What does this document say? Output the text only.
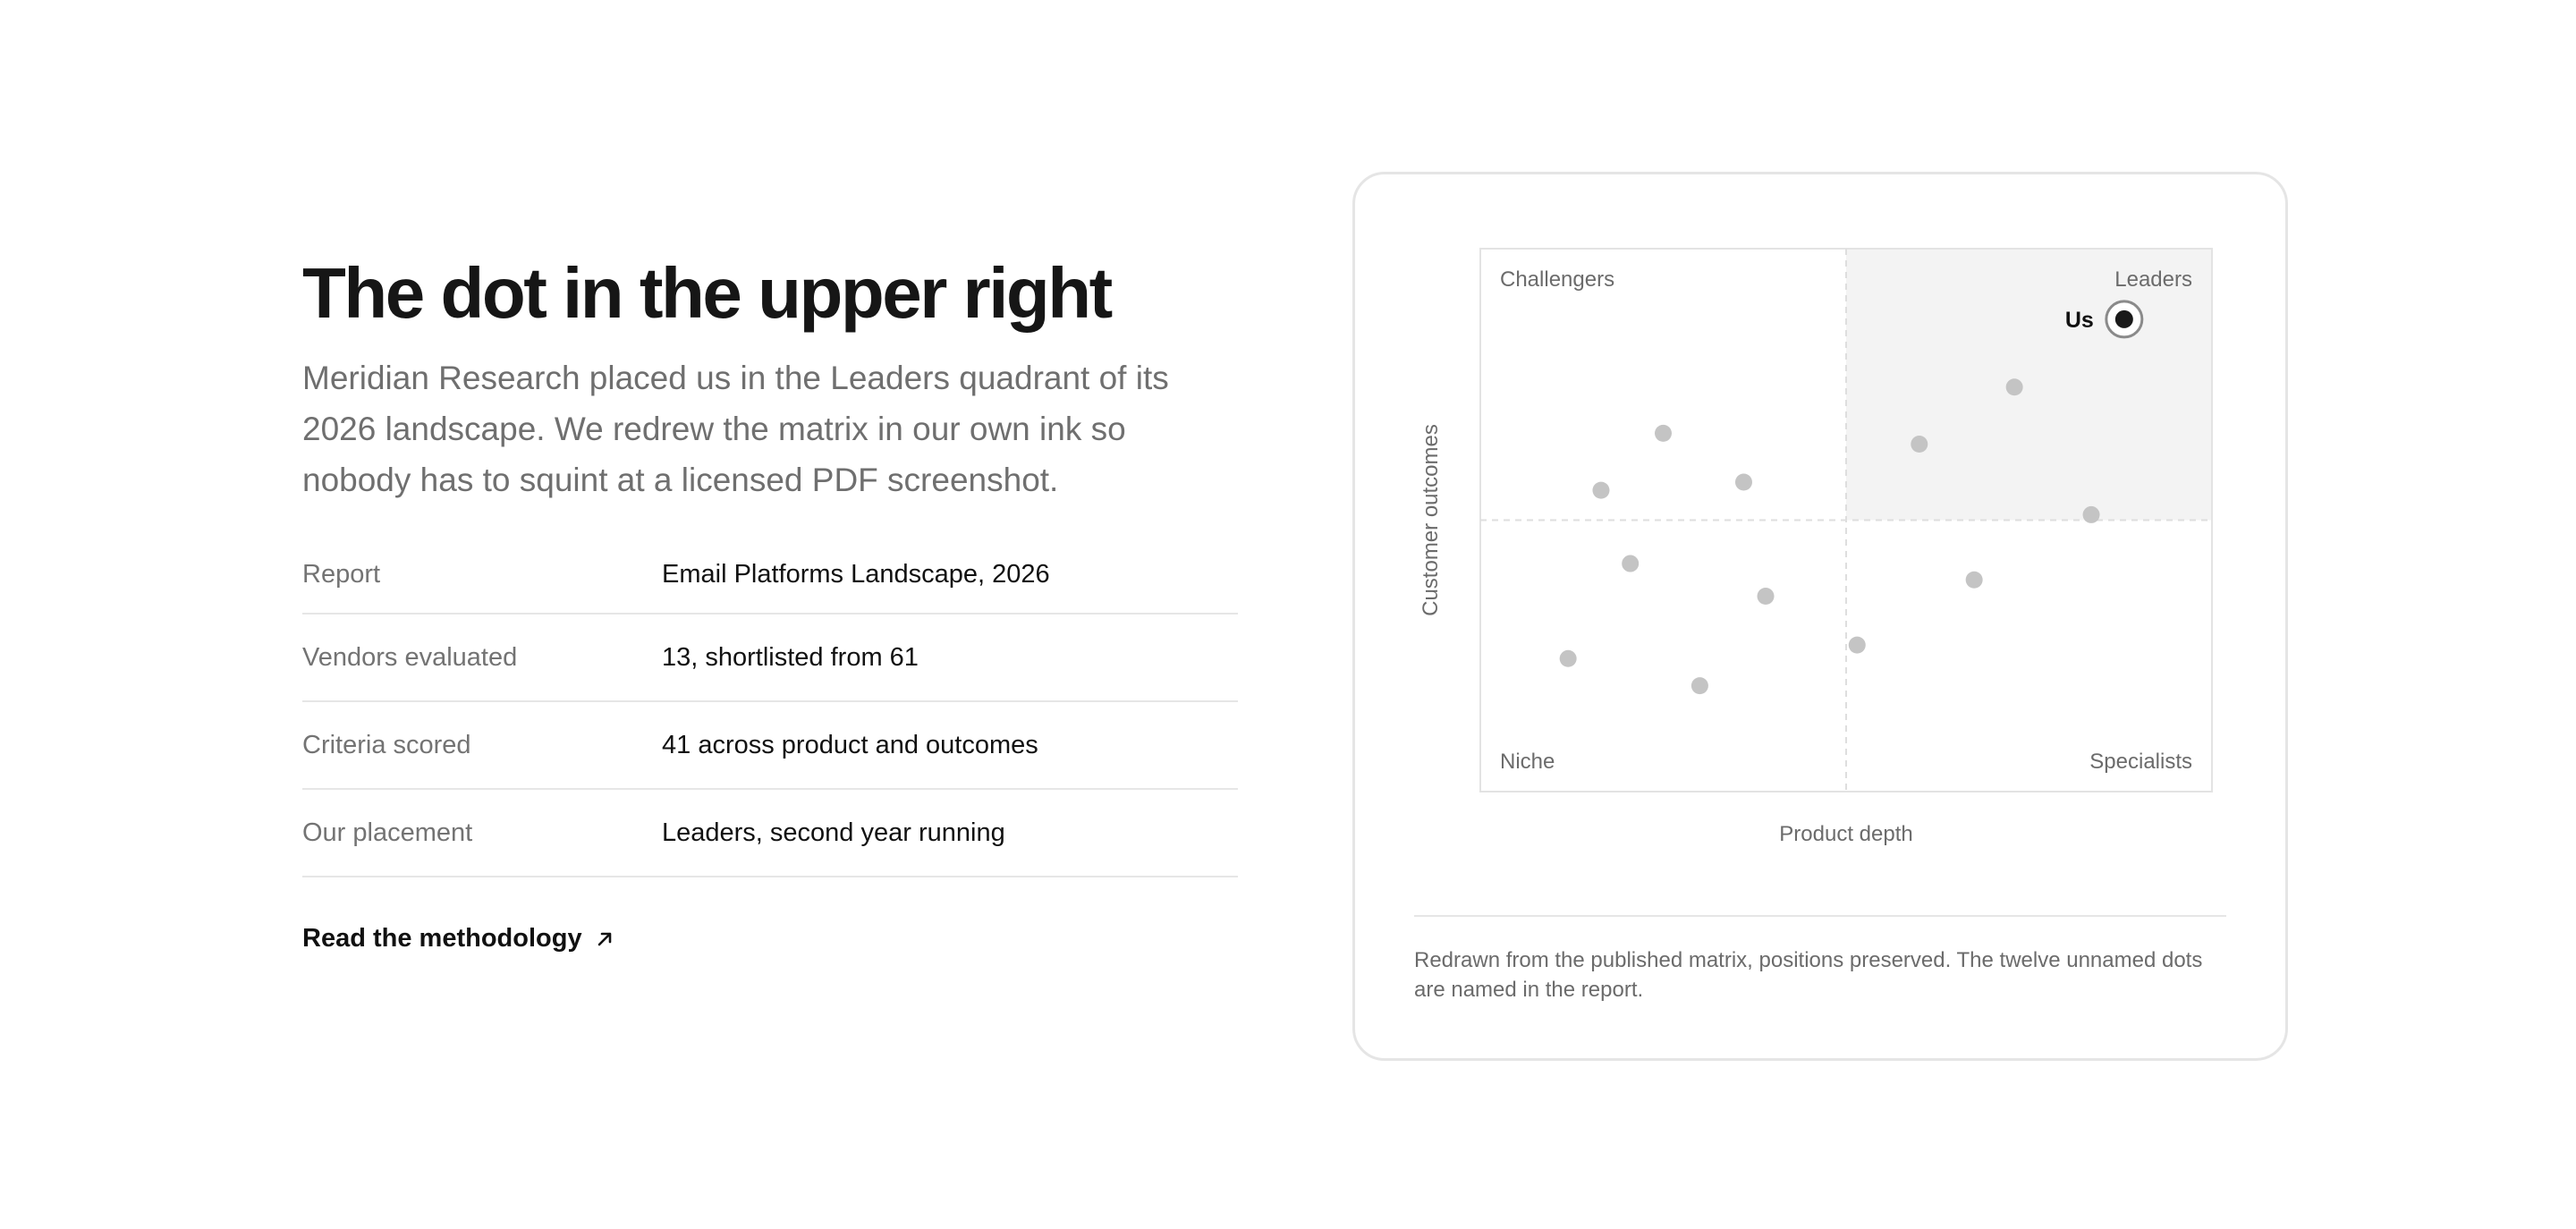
The dot in the upper right

Meridian Research placed us in the Leaders quadrant of its 2026 landscape. We redrew the matrix in our own ink so nobody has to squint at a licensed PDF screenshot.

Report	Email Platforms Landscape, 2026
Vendors evaluated	13, shortlisted from 61
Criteria scored	41 across product and outcomes
Our placement	Leaders, second year running
Read the methodology
Challengers	Leaders
Niche	Specialists
Product depth
Customer outcomes
Us

Redrawn from the published matrix, positions preserved. The twelve unnamed dots are named in the report.
